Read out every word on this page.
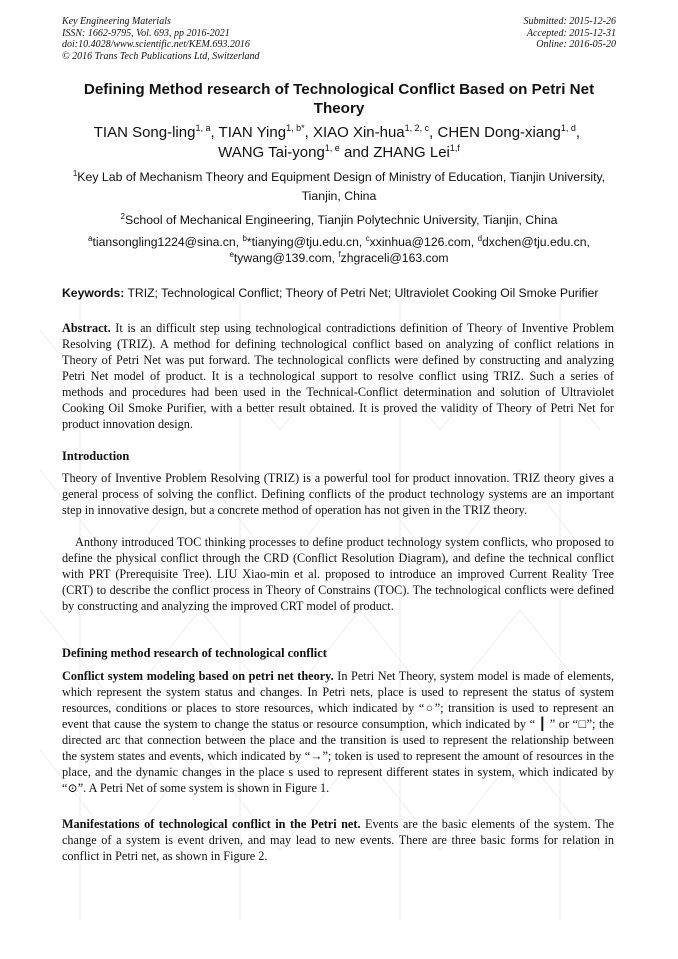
Key Engineering Materials
ISSN: 1662-9795, Vol. 693, pp 2016-2021
doi:10.4028/www.scientific.net/KEM.693.2016
© 2016 Trans Tech Publications Ltd, Switzerland
Submitted: 2015-12-26
Accepted: 2015-12-31
Online: 2016-05-20
Defining Method research of Technological Conflict Based on Petri Net Theory
TIAN Song-ling$^{1, a}$, TIAN Ying$^{1, b*}$, XIAO Xin-hua$^{1, 2, c}$, CHEN Dong-xiang$^{1, d}$,
WANG Tai-yong$^{1, e}$ and ZHANG Lei$^{1,f}$
$^1$Key Lab of Mechanism Theory and Equipment Design of Ministry of Education, Tianjin University, Tianjin, China
$^2$School of Mechanical Engineering, Tianjin Polytechnic University, Tianjin, China
$^a$tiansongling1224@sina.cn, $^b$*tianying@tju.edu.cn, $^c$xxinhua@126.com, $^d$dxchen@tju.edu.cn,
$^e$tywang@139.com, $^f$zhgraceli@163.com
Keywords: TRIZ; Technological Conflict; Theory of Petri Net; Ultraviolet Cooking Oil Smoke Purifier
Abstract. It is an difficult step using technological contradictions definition of Theory of Inventive Problem Resolving (TRIZ). A method for defining technological conflict based on analyzing of conflict relations in Theory of Petri Net was put forward. The technological conflicts were defined by constructing and analyzing Petri Net model of product. It is a technological support to resolve conflict using TRIZ. Such a series of methods and procedures had been used in the Technical-Conflict determination and solution of Ultraviolet Cooking Oil Smoke Purifier, with a better result obtained. It is proved the validity of Theory of Petri Net for product innovation design.
Introduction
Theory of Inventive Problem Resolving (TRIZ) is a powerful tool for product innovation. TRIZ theory gives a general process of solving the conflict. Defining conflicts of the product technology systems are an important step in innovative design, but a concrete method of operation has not given in the TRIZ theory.
Anthony introduced TOC thinking processes to define product technology system conflicts, who proposed to define the physical conflict through the CRD (Conflict Resolution Diagram), and define the technical conflict with PRT (Prerequisite Tree). LIU Xiao-min et al. proposed to introduce an improved Current Reality Tree (CRT) to describe the conflict process in Theory of Constrains (TOC). The technological conflicts were defined by constructing and analyzing the improved CRT model of product.
Defining method research of technological conflict
Conflict system modeling based on petri net theory. In Petri Net Theory, system model is made of elements, which represent the system status and changes. In Petri nets, place is used to represent the status of system resources, conditions or places to store resources, which indicated by “○”; transition is used to represent an event that cause the system to change the status or resource consumption, which indicated by “ ┃ ” or “□”; the directed arc that connection between the place and the transition is used to represent the relationship between the system states and events, which indicated by “→”; token is used to represent the amount of resources in the place, and the dynamic changes in the place s used to represent different states in system, which indicated by “⊙”. A Petri Net of some system is shown in Figure 1.
Manifestations of technological conflict in the Petri net. Events are the basic elements of the system. The change of a system is event driven, and may lead to new events. There are three basic forms for relation in conflict in Petri net, as shown in Figure 2.
